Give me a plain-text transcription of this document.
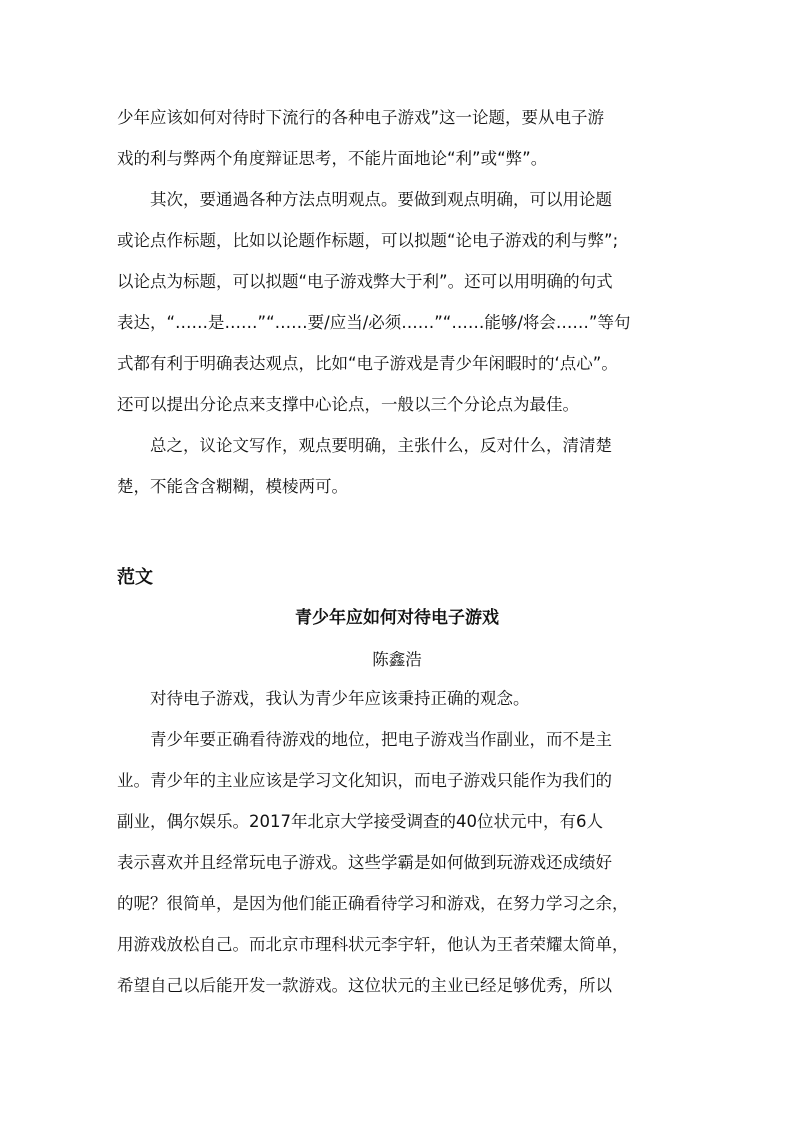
少年应该如何对待时下流行的各种电子游戏”这一论题，要从电子游
戏的利与弊两个角度辩证思考，不能片面地论“利”或“弊”。
其次，要通過各种方法点明观点。要做到观点明确，可以用论题
或论点作标题，比如以论题作标题，可以拟题“论电子游戏的利与弊”;
以论点为标题，可以拟题“电子游戏弊大于利”。还可以用明确的句式
表达，“……是……”“……要/应当/必须……”“……能够/将会……”等句
式都有利于明确表达观点，比如“电子游戏是青少年闲暇时的‘点心”。
还可以提出分论点来支撑中心论点，一般以三个分论点为最佳。
总之，议论文写作，观点要明确，主张什么，反对什么，清清楚
楚，不能含含糊糊，模棱两可。
范文
青少年应如何对待电子游戏
陈鑫浩
对待电子游戏，我认为青少年应该秉持正确的观念。
青少年要正确看待游戏的地位，把电子游戏当作副业，而不是主
业。青少年的主业应该是学习文化知识，而电子游戏只能作为我们的
副业，偶尔娱乐。2017年北京大学接受调查的40位状元中，有6人
表示喜欢并且经常玩电子游戏。这些学霸是如何做到玩游戏还成绩好
的呢？很简单，是因为他们能正确看待学习和游戏，在努力学习之余，
用游戏放松自己。而北京市理科状元李宇轩，他认为王者荣耀太简单，
希望自己以后能开发一款游戏。这位状元的主业已经足够优秀，所以
